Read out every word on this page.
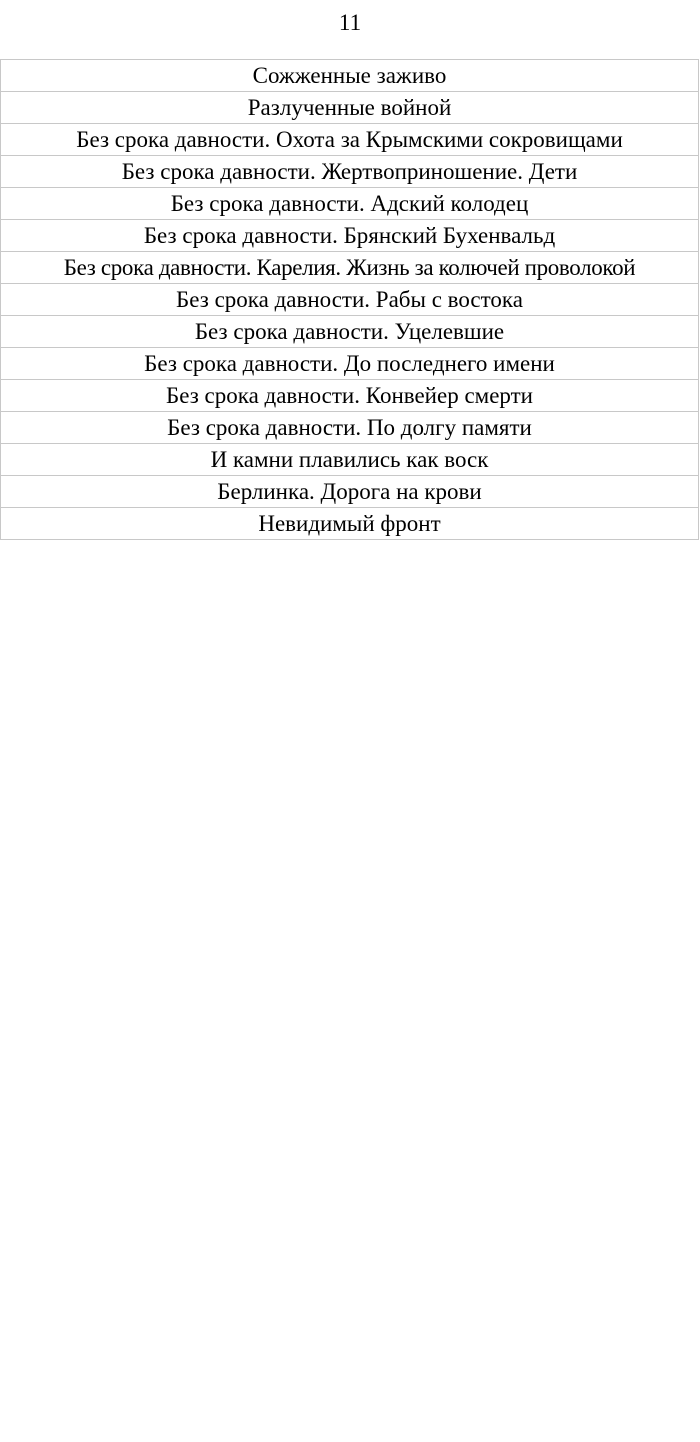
11
Сожженные заживо
Разлученные войной
Без срока давности. Охота за Крымскими сокровищами
Без срока давности. Жертвоприношение. Дети
Без срока давности. Адский колодец
Без срока давности. Брянский Бухенвальд
Без срока давности. Карелия. Жизнь за колючей проволокой
Без срока давности. Рабы с востока
Без срока давности. Уцелевшие
Без срока давности. До последнего имени
Без срока давности. Конвейер смерти
Без срока давности. По долгу памяти
И камни плавились как воск
Берлинка. Дорога на крови
Невидимый фронт
